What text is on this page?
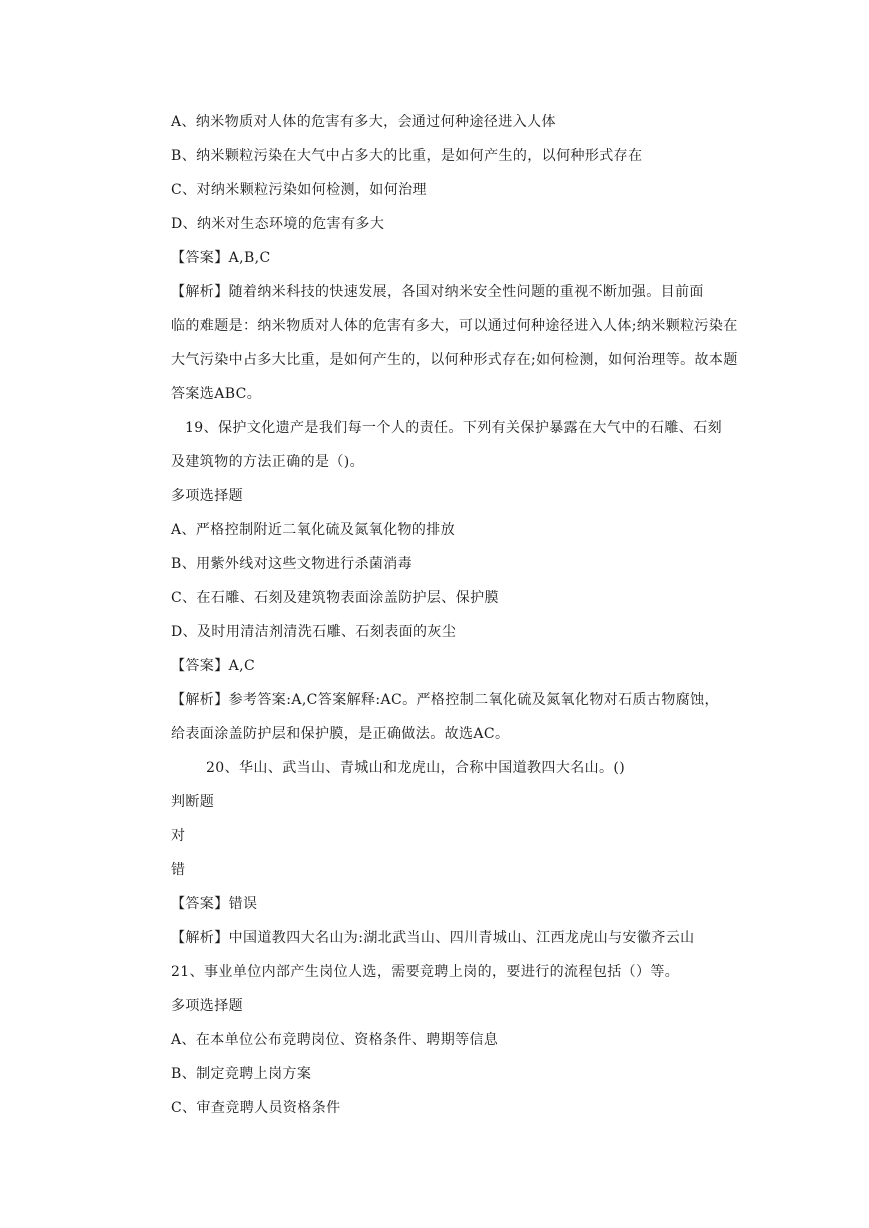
A、纳米物质对人体的危害有多大，会通过何种途径进入人体
B、纳米颗粒污染在大气中占多大的比重，是如何产生的，以何种形式存在
C、对纳米颗粒污染如何检测，如何治理
D、纳米对生态环境的危害有多大
【答案】A,B,C
【解析】随着纳米科技的快速发展，各国对纳米安全性问题的重视不断加强。目前面
临的难题是：纳米物质对人体的危害有多大，可以通过何种途径进入人体;纳米颗粒污染在
大气污染中占多大比重，是如何产生的，以何种形式存在;如何检测，如何治理等。故本题
答案选ABC。
19、保护文化遗产是我们每一个人的责任。下列有关保护暴露在大气中的石雕、石刻
及建筑物的方法正确的是（)。
多项选择题
A、严格控制附近二氧化硫及氮氧化物的排放
B、用紫外线对这些文物进行杀菌消毒
C、在石雕、石刻及建筑物表面涂盖防护层、保护膜
D、及时用清洁剂清洗石雕、石刻表面的灰尘
【答案】A,C
【解析】参考答案:A,C答案解释:AC。严格控制二氧化硫及氮氧化物对石质古物腐蚀，
给表面涂盖防护层和保护膜，是正确做法。故选AC。
20、华山、武当山、青城山和龙虎山，合称中国道教四大名山。()
判断题
对
错
【答案】错误
【解析】中国道教四大名山为:湖北武当山、四川青城山、江西龙虎山与安徽齐云山
21、事业单位内部产生岗位人选，需要竞聘上岗的，要进行的流程包括（）等。
多项选择题
A、在本单位公布竞聘岗位、资格条件、聘期等信息
B、制定竞聘上岗方案
C、审查竞聘人员资格条件
